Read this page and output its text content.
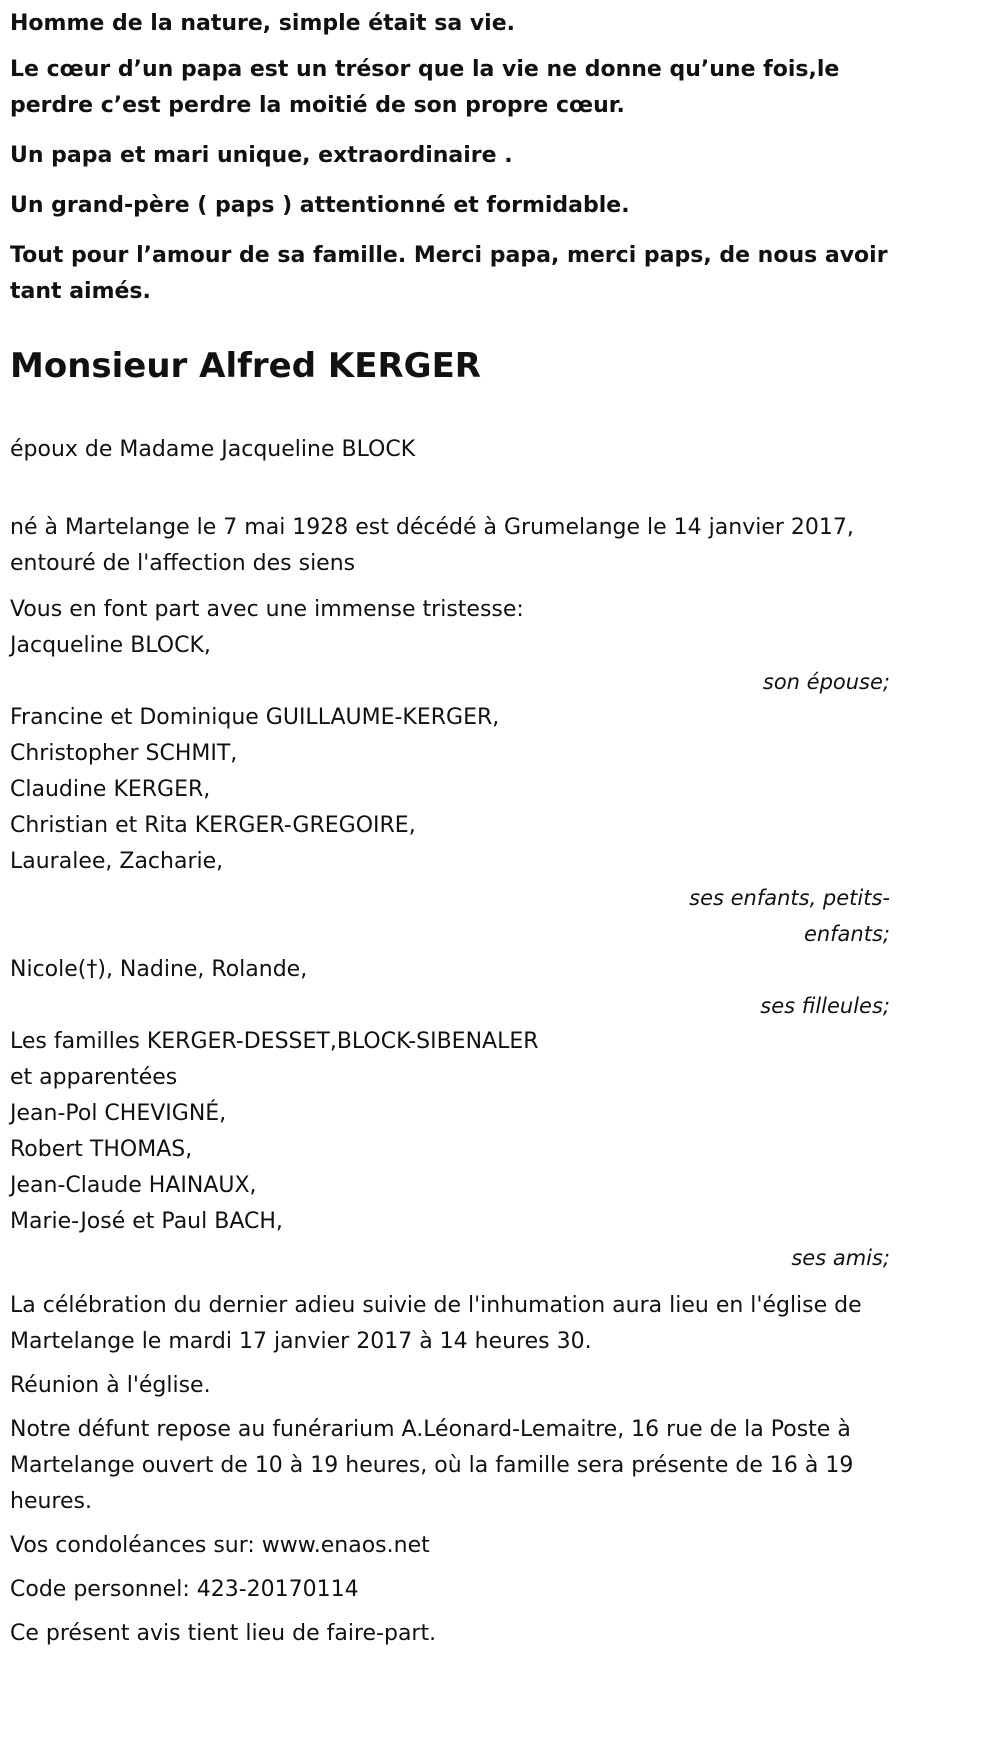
Homme de la nature, simple était sa vie.

Le cœur d’un papa est un trésor que la vie ne donne qu’une fois,le perdre c’est perdre la moitié de son propre cœur.

Un papa et mari unique, extraordinaire .

Un grand-père ( paps ) attentionné et formidable.

Tout pour l’amour de sa famille. Merci papa, merci paps, de nous avoir tant aimés.

Monsieur Alfred KERGER

époux de Madame Jacqueline BLOCK

né à Martelange le 7 mai 1928 est décédé à Grumelange le 14 janvier 2017, entouré de l'affection des siens

Vous en font part avec une immense tristesse:

Jacqueline BLOCK,
son épouse;
Francine et Dominique GUILLAUME-KERGER,
Christopher SCHMIT,
Claudine KERGER,
Christian et Rita KERGER-GREGOIRE,
Lauralee, Zacharie,
ses enfants, petits-enfants;
Nicole(†), Nadine, Rolande,
ses filleules;
Les familles KERGER-DESSET,BLOCK-SIBENALER
et apparentées
Jean-Pol CHEVIGNÉ,
Robert THOMAS,
Jean-Claude HAINAUX,
Marie-José et Paul BACH,
ses amis;

La célébration du dernier adieu suivie de l'inhumation aura lieu en l'église de Martelange le mardi 17 janvier 2017 à 14 heures 30.

Réunion à l'église.

Notre défunt repose au funérarium A.Léonard-Lemaitre, 16 rue de la Poste à Martelange ouvert de 10 à 19 heures, où la famille sera présente de 16 à 19 heures.

Vos condoléances sur: www.enaos.net

Code personnel: 423-20170114

Ce présent avis tient lieu de faire-part.
